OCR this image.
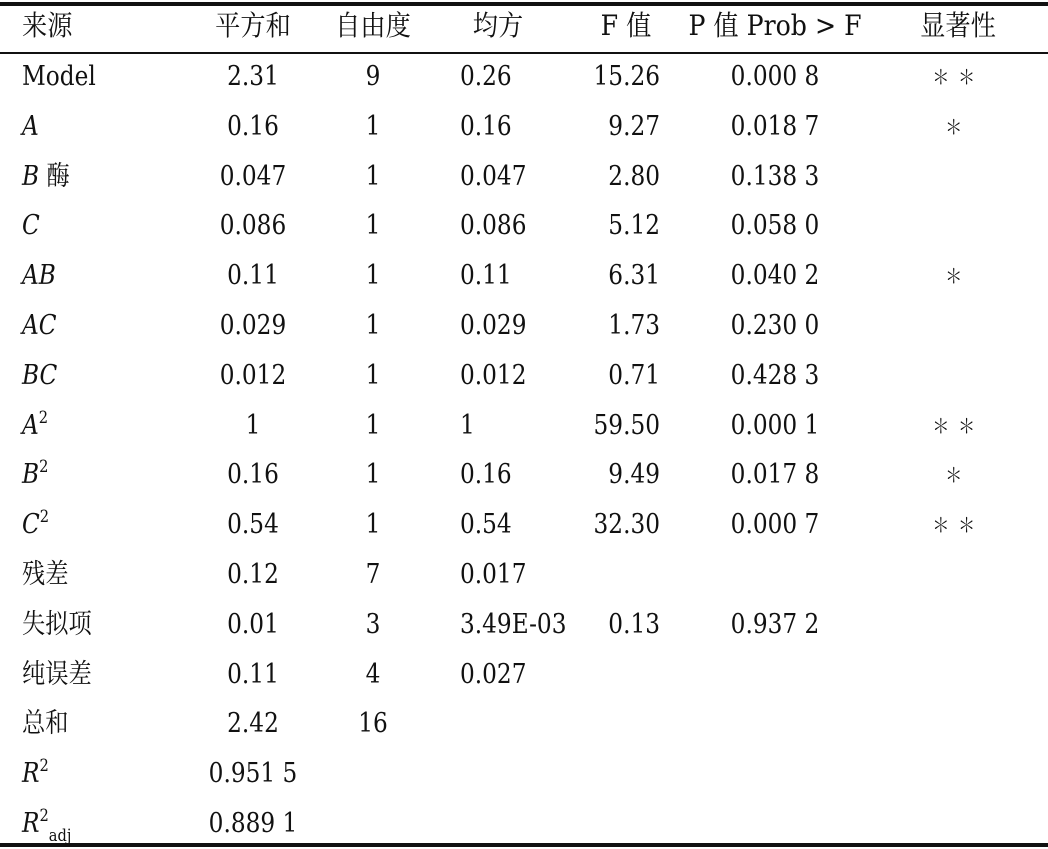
来源	平方和	自由度	均方	F 值	P 值 Prob > F	显著性
Model	2.31	9	0.26	15.26	0.000 8	＊＊
A	0.16	1	0.16	9.27	0.018 7	＊
B 酶	0.047	1	0.047	2.80	0.138 3
C	0.086	1	0.086	5.12	0.058 0
AB	0.11	1	0.11	6.31	0.040 2	＊
AC	0.029	1	0.029	1.73	0.230 0
BC	0.012	1	0.012	0.71	0.428 3
$A^2$	1	1	1	59.50	0.000 1	＊＊
$B^2$	0.16	1	0.16	9.49	0.017 8	＊
$C^2$	0.54	1	0.54	32.30	0.000 7	＊＊
残差	0.12	7	0.017
失拟项	0.01	3	3.49E-03	0.13	0.937 2
纯误差	0.11	4	0.027
总和	2.42	16
$R^2$	0.951 5
$R^2_{adj}$	0.889 1
